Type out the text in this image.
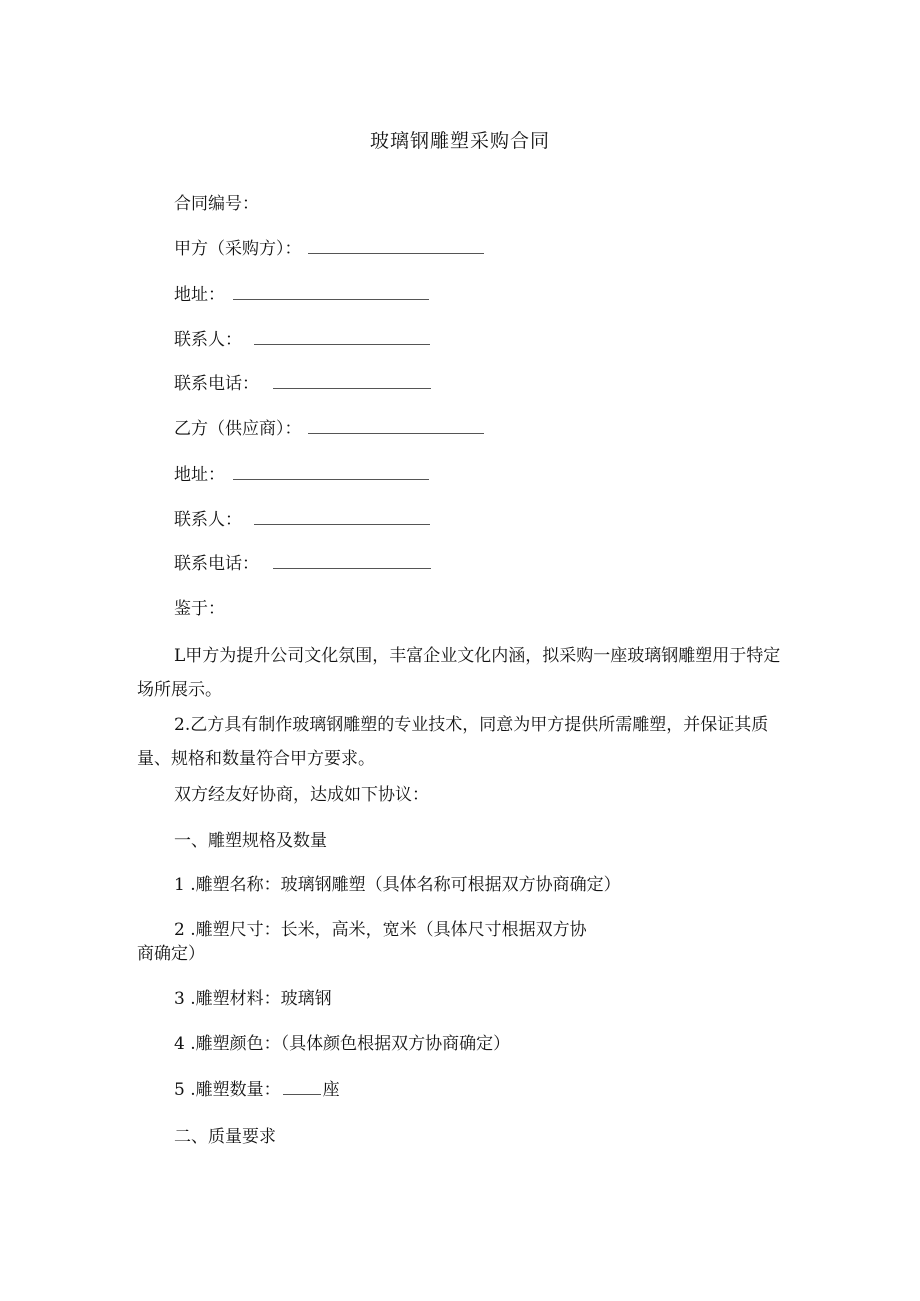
玻璃钢雕塑采购合同
合同编号：
甲方（采购方）：
地址：
联系人：
联系电话：
乙方（供应商）：
地址：
联系人：
联系电话：
鉴于：

L甲方为提升公司文化氛围，丰富企业文化内涵，拟采购一座玻璃钢雕塑用于特定场所展示。

2.乙方具有制作玻璃钢雕塑的专业技术，同意为甲方提供所需雕塑，并保证其质量、规格和数量符合甲方要求。

双方经友好协商，达成如下协议：
一、雕塑规格及数量
1 .雕塑名称：玻璃钢雕塑（具体名称可根据双方协商确定）
2 .雕塑尺寸：长米，高米，宽米（具体尺寸根据双方协
商确定）
3 .雕塑材料：玻璃钢
4 .雕塑颜色：（具体颜色根据双方协商确定）
5 .雕塑数量： 座
二、质量要求
